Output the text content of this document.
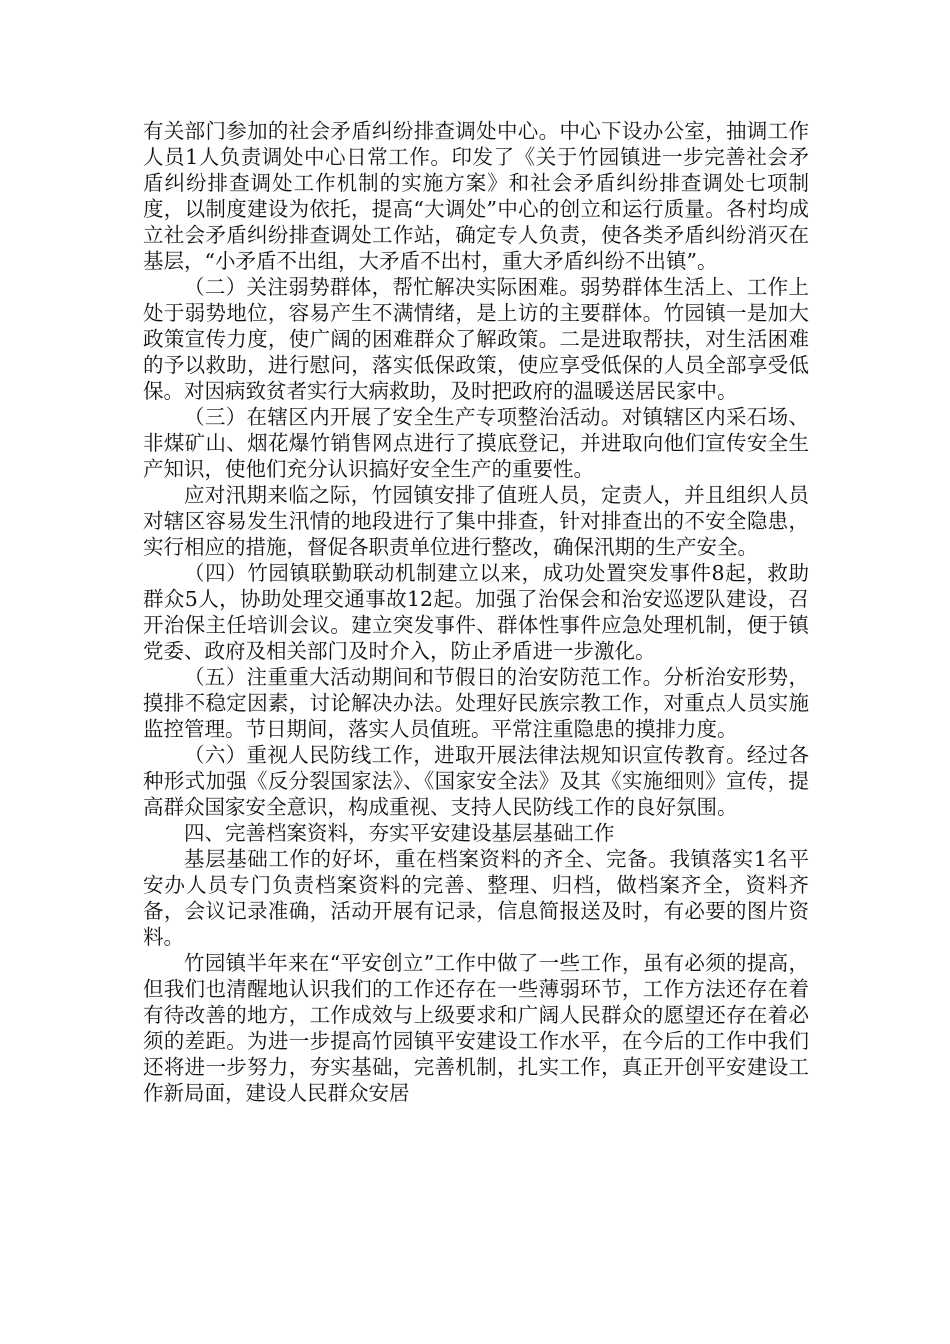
有关部门参加的社会矛盾纠纷排查调处中心。中心下设办公室，抽调工作人员1人负责调处中心日常工作。印发了《关于竹园镇进一步完善社会矛盾纠纷排查调处工作机制的实施方案》和社会矛盾纠纷排查调处七项制度，以制度建设为依托，提高“大调处”中心的创立和运行质量。各村均成立社会矛盾纠纷排查调处工作站，确定专人负责，使各类矛盾纠纷消灭在基层，“小矛盾不出组，大矛盾不出村，重大矛盾纠纷不出镇”。

（二）关注弱势群体，帮忙解决实际困难。弱势群体生活上、工作上处于弱势地位，容易产生不满情绪，是上访的主要群体。竹园镇一是加大政策宣传力度，使广阔的困难群众了解政策。二是进取帮扶，对生活困难的予以救助，进行慰问，落实低保政策，使应享受低保的人员全部享受低保。对因病致贫者实行大病救助，及时把政府的温暖送居民家中。

（三）在辖区内开展了安全生产专项整治活动。对镇辖区内采石场、非煤矿山、烟花爆竹销售网点进行了摸底登记，并进取向他们宣传安全生产知识，使他们充分认识搞好安全生产的重要性。

应对汛期来临之际，竹园镇安排了值班人员，定责人，并且组织人员对辖区容易发生汛情的地段进行了集中排查，针对排查出的不安全隐患，实行相应的措施，督促各职责单位进行整改，确保汛期的生产安全。

（四）竹园镇联勤联动机制建立以来，成功处置突发事件8起，救助群众5人，协助处理交通事故12起。加强了治保会和治安巡逻队建设，召开治保主任培训会议。建立突发事件、群体性事件应急处理机制，便于镇党委、政府及相关部门及时介入，防止矛盾进一步激化。

（五）注重重大活动期间和节假日的治安防范工作。分析治安形势，摸排不稳定因素，讨论解决办法。处理好民族宗教工作，对重点人员实施监控管理。节日期间，落实人员值班。平常注重隐患的摸排力度。

（六）重视人民防线工作，进取开展法律法规知识宣传教育。经过各种形式加强《反分裂国家法》、《国家安全法》及其《实施细则》宣传，提高群众国家安全意识，构成重视、支持人民防线工作的良好氛围。

四、完善档案资料，夯实平安建设基层基础工作

基层基础工作的好坏，重在档案资料的齐全、完备。我镇落实1名平安办人员专门负责档案资料的完善、整理、归档，做档案齐全，资料齐备，会议记录准确，活动开展有记录，信息简报送及时，有必要的图片资料。

竹园镇半年来在“平安创立”工作中做了一些工作，虽有必须的提高，但我们也清醒地认识我们的工作还存在一些薄弱环节，工作方法还存在着有待改善的地方，工作成效与上级要求和广阔人民群众的愿望还存在着必须的差距。为进一步提高竹园镇平安建设工作水平，在今后的工作中我们还将进一步努力，夯实基础，完善机制，扎实工作，真正开创平安建设工作新局面，建设人民群众安居
